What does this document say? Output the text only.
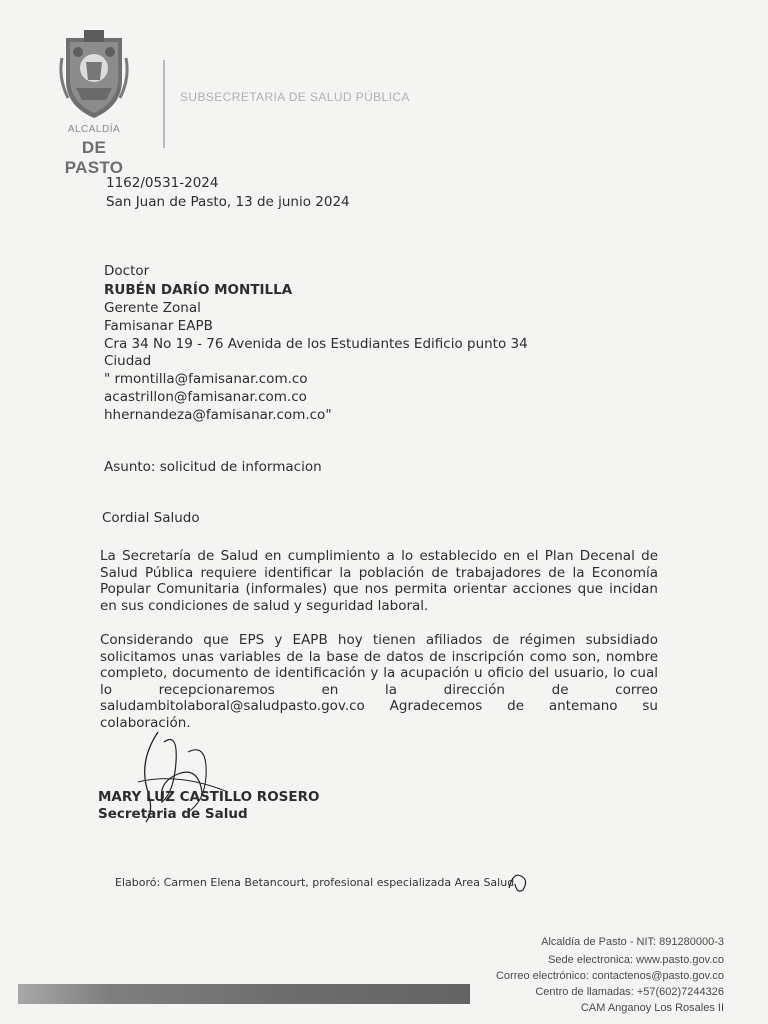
ALCALDÍA
DE PASTO
SUBSECRETARIA DE SALUD PÚBLICA
1162/0531-2024
San Juan de Pasto, 13 de junio 2024
Doctor
RUBÉN DARÍO MONTILLA
Gerente Zonal
Famisanar EAPB
Cra 34 No 19 - 76 Avenida de los Estudiantes Edificio punto 34
Ciudad
" rmontilla@famisanar.com.co
acastrillon@famisanar.com.co
hhernandeza@famisanar.com.co"
Asunto: solicitud de informacion
Cordial Saludo
La Secretaría de Salud en cumplimiento a lo establecido en el Plan Decenal de Salud Pública requiere identificar la población de trabajadores de la Economía Popular Comunitaria (informales) que nos permita orientar acciones que incidan en sus condiciones de salud y seguridad laboral.
Considerando que EPS y EAPB hoy tienen afiliados de régimen subsidiado solicitamos unas variables de la base de datos de inscripción como son, nombre completo, documento de identificación y la acupación u oficio del usuario, lo cual lo recepcionaremos en la dirección de correo saludambitolaboral@saludpasto.gov.co Agradecemos de antemano su colaboración.
MARY LUZ CASTILLO ROSERO
Secretaria de Salud
Elaboró: Carmen Elena Betancourt, profesional especializada Area Salud
Alcaldía de Pasto - NIT: 891280000-3
Sede electronica: www.pasto.gov.co
Correo electrónico: contactenos@pasto.gov.co
Centro de llamadas: +57(602)7244326
CAM Anganoy Los Rosales II
